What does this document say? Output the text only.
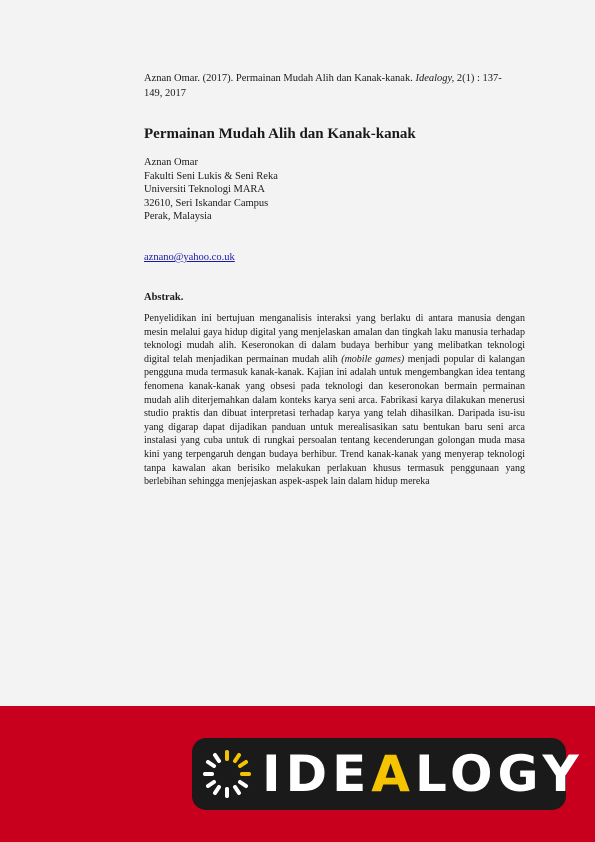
Aznan Omar. (2017). Permainan Mudah Alih dan Kanak-kanak. Idealogy, 2(1) : 137-149, 2017
Permainan Mudah Alih dan Kanak-kanak
Aznan Omar
Fakulti Seni Lukis & Seni Reka
Universiti Teknologi MARA
32610, Seri Iskandar Campus
Perak, Malaysia
aznano@yahoo.co.uk
Abstrak.
Penyelidikan ini bertujuan menganalisis interaksi yang berlaku di antara manusia dengan mesin melalui gaya hidup digital yang menjelaskan amalan dan tingkah laku manusia terhadap teknologi mudah alih. Keseronokan di dalam budaya berhibur yang melibatkan teknologi digital telah menjadikan permainan mudah alih (mobile games) menjadi popular di kalangan pengguna muda termasuk kanak-kanak. Kajian ini adalah untuk mengembangkan idea tentang fenomena kanak-kanak yang obsesi pada teknologi dan keseronokan bermain permainan mudah alih diterjemahkan dalam konteks karya seni arca. Fabrikasi karya dilakukan menerusi studio praktis dan dibuat interpretasi terhadap karya yang telah dihasilkan. Daripada isu-isu yang digarap dapat dijadikan panduan untuk merealisasikan satu bentukan baru seni arca instalasi yang cuba untuk di rungkai persoalan tentang kecenderungan golongan muda masa kini yang terpengaruh dengan budaya berhibur. Trend kanak-kanak yang menyerap teknologi tanpa kawalan akan berisiko melakukan perlakuan khusus termasuk penggunaan yang berlebihan sehingga menjejaskan aspek-aspek lain dalam hidup mereka
IDEALOGY
